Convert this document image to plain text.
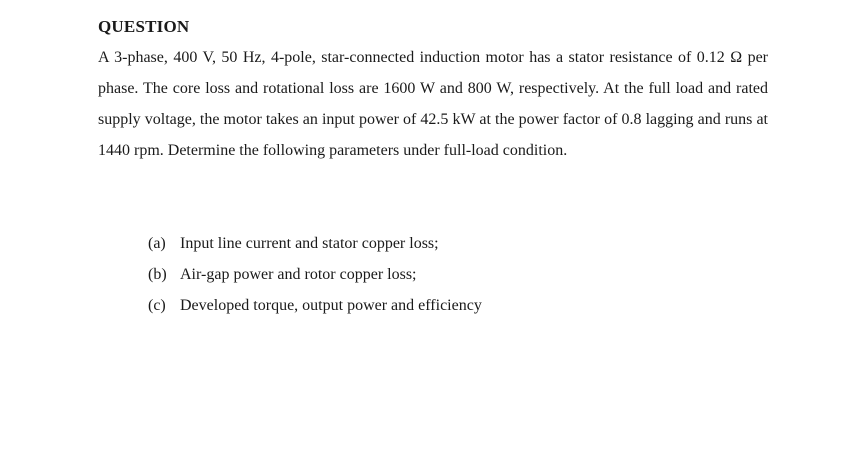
QUESTION

A 3-phase, 400 V, 50 Hz, 4-pole, star-connected induction motor has a stator resistance of 0.12 Ω per phase. The core loss and rotational loss are 1600 W and 800 W, respectively. At the full load and rated supply voltage, the motor takes an input power of 42.5 kW at the power factor of 0.8 lagging and runs at 1440 rpm. Determine the following parameters under full-load condition.

(a) Input line current and stator copper loss;
(b) Air-gap power and rotor copper loss;
(c) Developed torque, output power and efficiency
